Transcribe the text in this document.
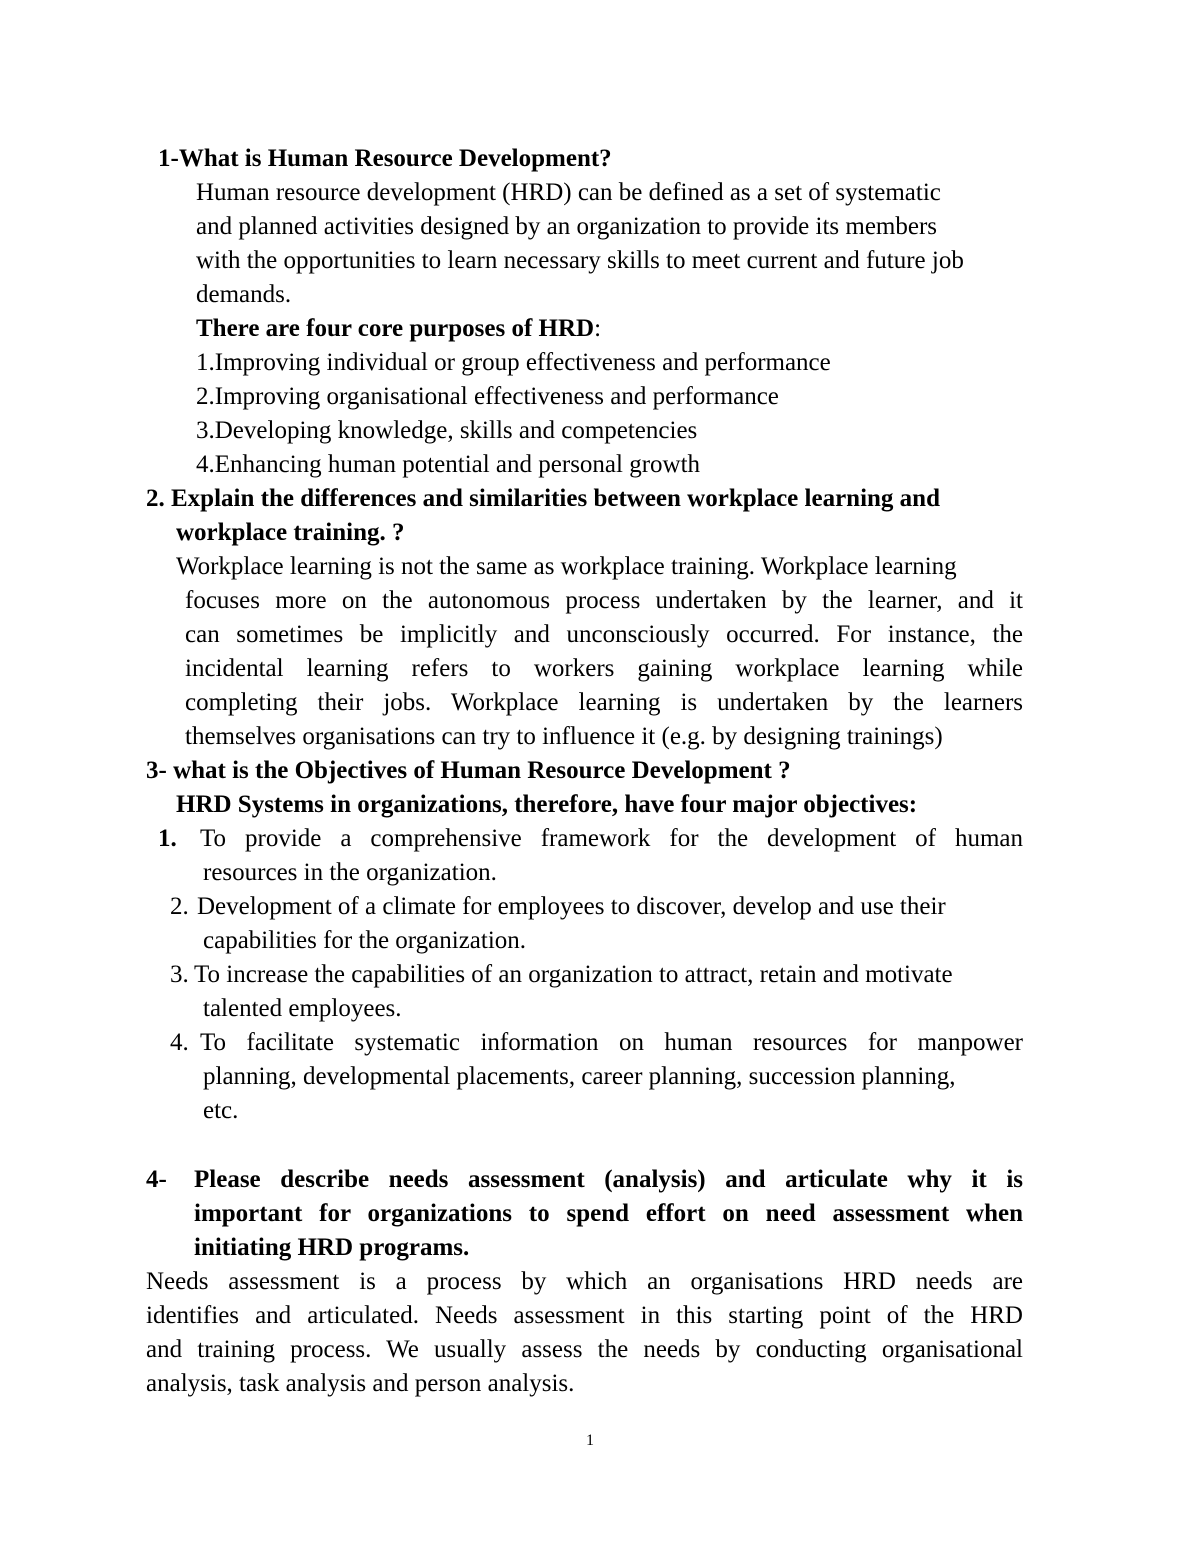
1-What is Human Resource Development?
Human resource development (HRD) can be defined as a set of systematic
and planned activities designed by an organization to provide its members
with the opportunities to learn necessary skills to meet current and future job
demands.
There are four core purposes of HRD:
1.Improving individual or group effectiveness and performance
2.Improving organisational effectiveness and performance
3.Developing knowledge, skills and competencies
4.Enhancing human potential and personal growth
2. Explain the differences and similarities between workplace learning and
workplace training. ?
Workplace learning is not the same as workplace training. Workplace learning
focuses more on the autonomous process undertaken by the learner, and it
can sometimes be implicitly and unconsciously occurred. For instance, the
incidental learning refers to workers gaining workplace learning while
completing their jobs. Workplace learning is undertaken by the learners
themselves organisations can try to influence it (e.g. by designing trainings)
3- what is the Objectives of Human Resource Development ?
HRD Systems in organizations, therefore, have four major objectives:
1. To provide a comprehensive framework for the development of human
resources in the organization.
2. Development of a climate for employees to discover, develop and use their
capabilities for the organization.
3. To increase the capabilities of an organization to attract, retain and motivate
talented employees.
4. To facilitate systematic information on human resources for manpower
planning, developmental placements, career planning, succession planning,
etc.
4- Please describe needs assessment (analysis) and articulate why it is
important for organizations to spend effort on need assessment when
initiating HRD programs.
Needs assessment is a process by which an organisations HRD needs are
identifies and articulated. Needs assessment in this starting point of the HRD
and training process. We usually assess the needs by conducting organisational
analysis, task analysis and person analysis.
1
